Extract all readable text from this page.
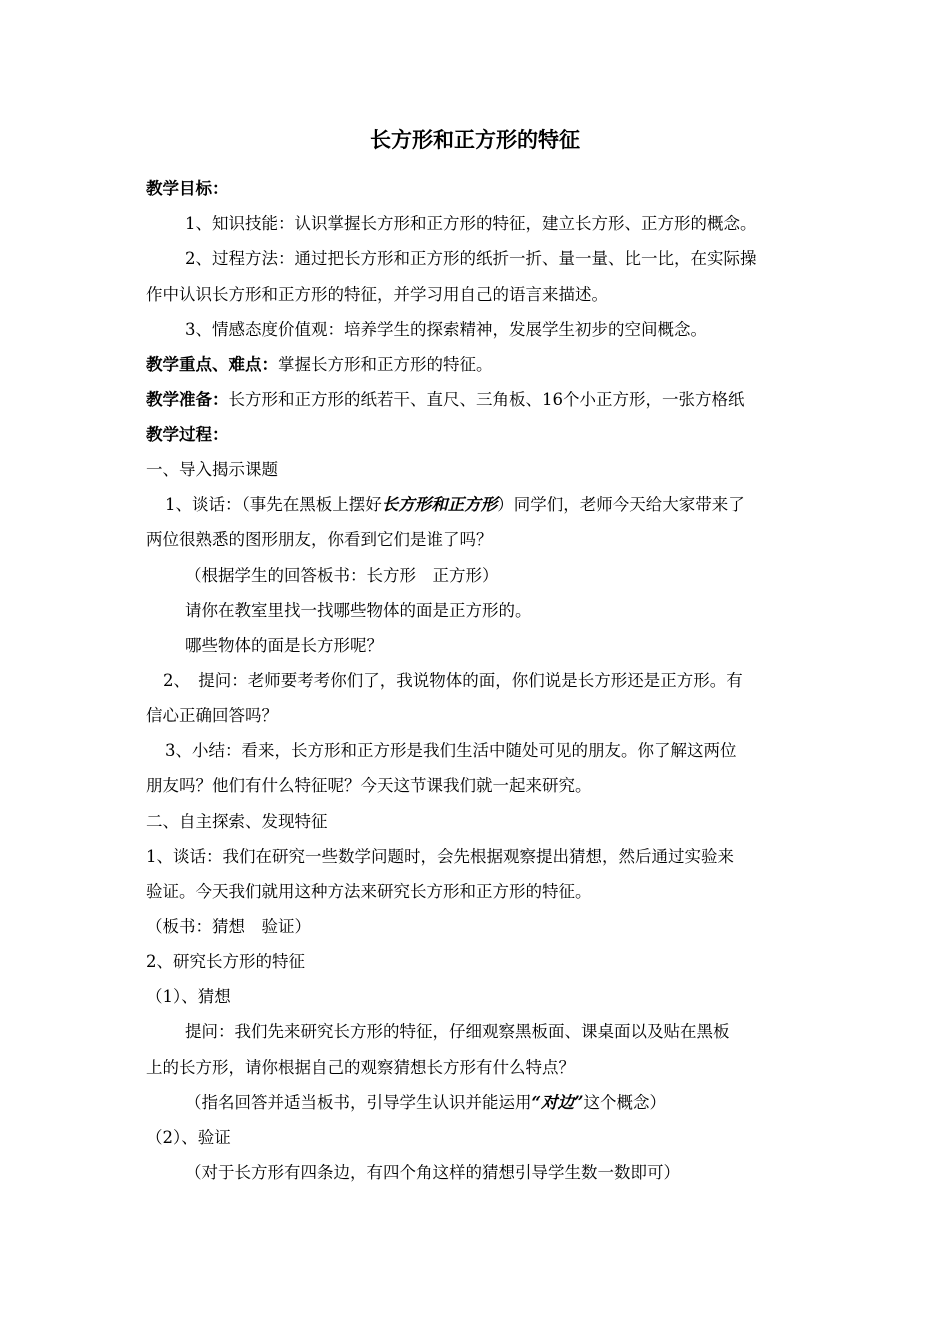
长方形和正方形的特征
教学目标：
1、知识技能：认识掌握长方形和正方形的特征，建立长方形、正方形的概念。
2、过程方法：通过把长方形和正方形的纸折一折、量一量、比一比，在实际操
作中认识长方形和正方形的特征，并学习用自己的语言来描述。
3、情感态度价值观：培养学生的探索精神，发展学生初步的空间概念。
教学重点、难点：掌握长方形和正方形的特征。
教学准备：长方形和正方形的纸若干、直尺、三角板、16个小正方形，一张方格纸
教学过程：
一、导入揭示课题
1、谈话：（事先在黑板上摆好长方形和正方形）同学们，老师今天给大家带来了
两位很熟悉的图形朋友，你看到它们是谁了吗？
（根据学生的回答板书：长方形　正方形）
请你在教室里找一找哪些物体的面是正方形的。
哪些物体的面是长方形呢？
2、　提问：老师要考考你们了，我说物体的面，你们说是长方形还是正方形。有
信心正确回答吗？
3、小结：看来，长方形和正方形是我们生活中随处可见的朋友。你了解这两位
朋友吗？他们有什么特征呢？今天这节课我们就一起来研究。
二、自主探索、发现特征
1、谈话：我们在研究一些数学问题时，会先根据观察提出猜想，然后通过实验来
验证。今天我们就用这种方法来研究长方形和正方形的特征。
（板书：猜想　验证）
2、研究长方形的特征
（1）、猜想
提问：我们先来研究长方形的特征，仔细观察黑板面、课桌面以及贴在黑板
上的长方形，请你根据自己的观察猜想长方形有什么特点？
（指名回答并适当板书，引导学生认识并能运用“对边”这个概念）
（2）、验证
（对于长方形有四条边，有四个角这样的猜想引导学生数一数即可）
